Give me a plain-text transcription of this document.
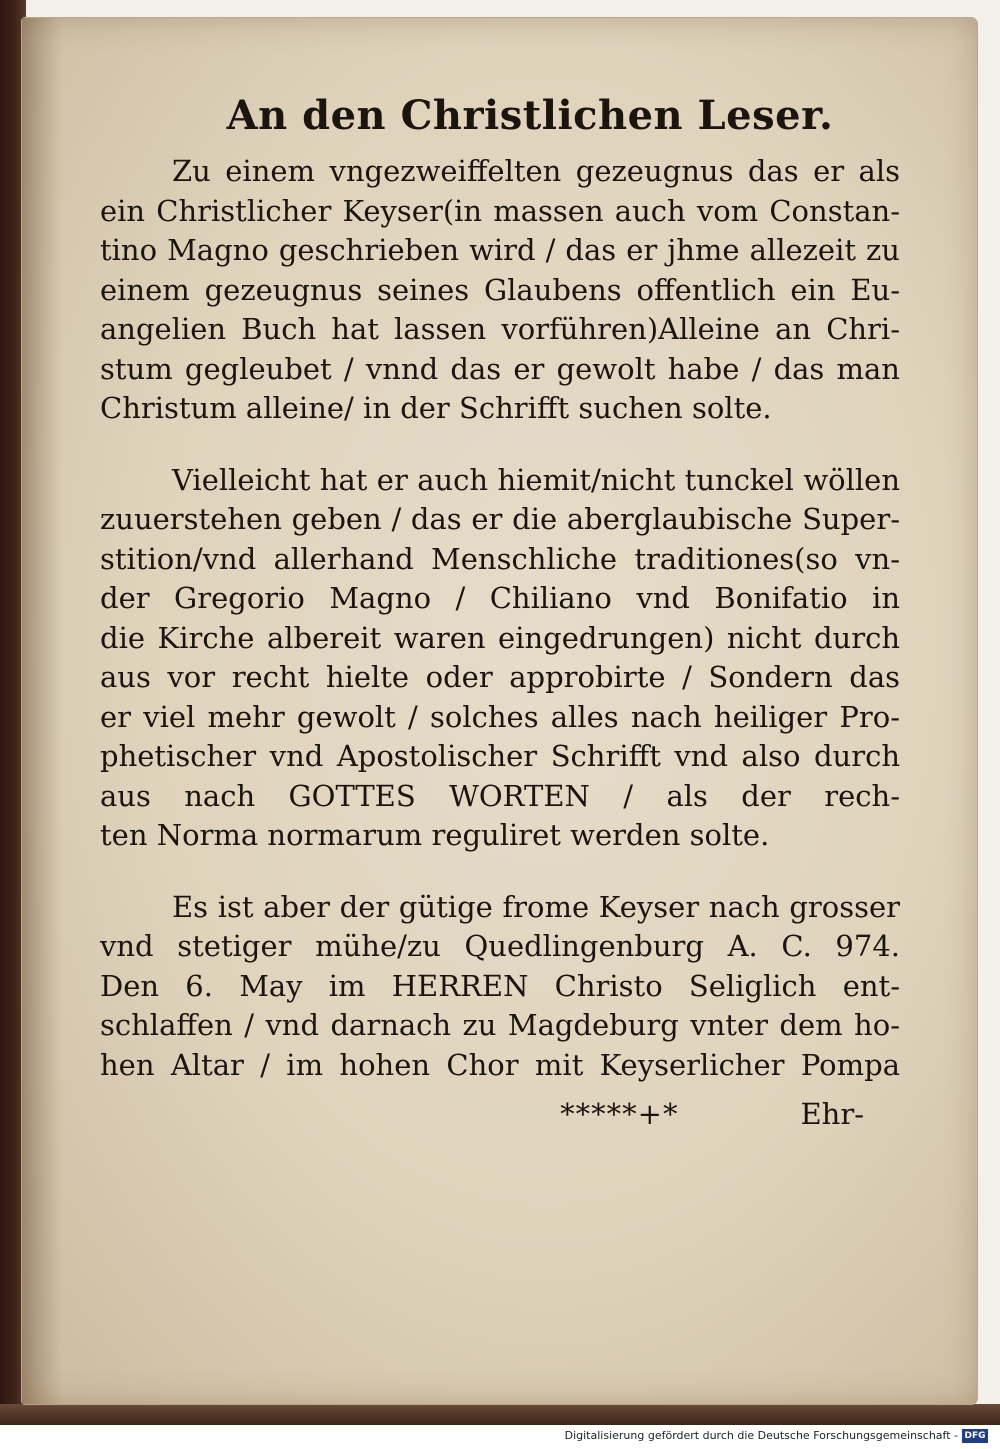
An den Christlichen Leser.
Zu einem vngezweiffelten gezeugnus das er als
ein Christlicher Keyser(in massen auch vom Constan-
tino Magno geschrieben wird / das er jhme allezeit zu
einem gezeugnus seines Glaubens offentlich ein Eu-
angelien Buch hat lassen vorführen)Alleine an Chri-
stum gegleubet / vnnd das er gewolt habe / das man
Christum alleine/ in der Schrifft suchen solte.
Vielleicht hat er auch hiemit/nicht tunckel wöllen
zuuerstehen geben / das er die aberglaubische Super-
stition/vnd allerhand Menschliche traditiones(so vn-
der Gregorio Magno / Chiliano vnd Bonifatio in
die Kirche albereit waren eingedrungen) nicht durch
aus vor recht hielte oder approbirte / Sondern das
er viel mehr gewolt / solches alles nach heiliger Pro-
phetischer vnd Apostolischer Schrifft vnd also durch
aus nach GOTTES WORTEN / als der rech-
ten Norma normarum reguliret werden solte.
Es ist aber der gütige frome Keyser nach grosser
vnd stetiger mühe/zu Quedlingenburg A. C. 974.
Den 6. May im HERREN Christo Seliglich ent-
schlaffen / vnd darnach zu Magdeburg vnter dem ho-
hen Altar / im hohen Chor mit Keyserlicher Pompa
*****+*	Ehr-
Digitalisierung gefördert durch die Deutsche Forschungsgemeinschaft - DFG
